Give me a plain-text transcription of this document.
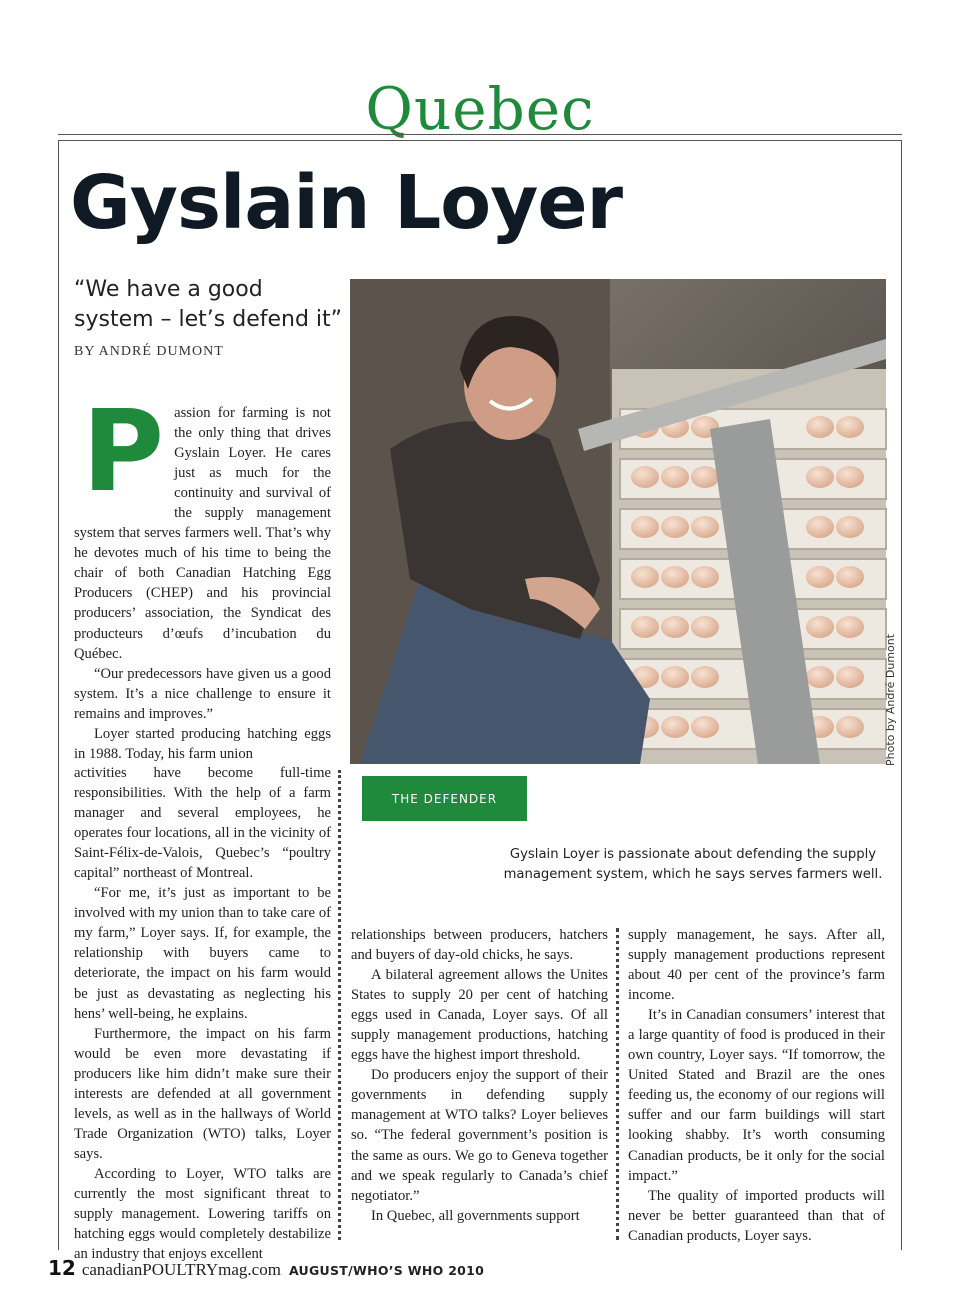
Quebec
Gyslain Loyer
“We have a good system – let’s defend it”
BY ANDRÉ DUMONT
P assion for farming is not the only thing that drives Gyslain Loyer. He cares just as much for the continuity and survival of the supply management system that serves farmers well. That’s why he devotes much of his time to being the chair of both Canadian Hatching Egg Producers (CHEP) and his provincial producers’ association, the Syndicat des producteurs d’œufs d’incubation du Québec.

“Our predecessors have given us a good system. It’s a nice challenge to ensure it remains and improves.”

Loyer started producing hatching eggs in 1988. Today, his farm union

activities have become full-time responsibilities. With the help of a farm manager and several employees, he operates four locations, all in the vicinity of Saint-Félix-de-Valois, Quebec’s “poultry capital” northeast of Montreal.

“For me, it’s just as important to be involved with my union than to take care of my farm,” Loyer says. If, for example, the relationship with buyers came to deteriorate, the impact on his farm would be just as devastating as neglecting his hens’ well-being, he explains.

Furthermore, the impact on his farm would be even more devastating if producers like him didn’t make sure their interests are defended at all government levels, as well as in the hallways of World Trade Organization (WTO) talks, Loyer says.

According to Loyer, WTO talks are currently the most significant threat to supply management. Lowering tariffs on hatching eggs would completely destabilize an industry that enjoys excellent

relationships between producers, hatchers and buyers of day-old chicks, he says.

A bilateral agreement allows the Unites States to supply 20 per cent of hatching eggs used in Canada, Loyer says. Of all supply management productions, hatching eggs have the highest import threshold.

Do producers enjoy the support of their governments in defending supply management at WTO talks? Loyer believes so. “The federal government’s position is the same as ours. We go to Geneva together and we speak regularly to Canada’s chief negotiator.”

In Quebec, all governments support

supply management, he says. After all, supply management productions represent about 40 per cent of the province’s farm income.

It’s in Canadian consumers’ interest that a large quantity of food is produced in their own country, Loyer says. “If tomorrow, the United Stated and Brazil are the ones feeding us, the economy of our regions will suffer and our farm buildings will start looking shabby. It’s worth consuming Canadian products, be it only for the social impact.”

The quality of imported products will never be better guaranteed than that of Canadian products, Loyer says.

Photo by André Dumont
THE DEFENDER
Gyslain Loyer is passionate about defending the supply management system, which he says serves farmers well.
12 canadianPOULTRYmag.com AUGUST/WHO’S WHO 2010
